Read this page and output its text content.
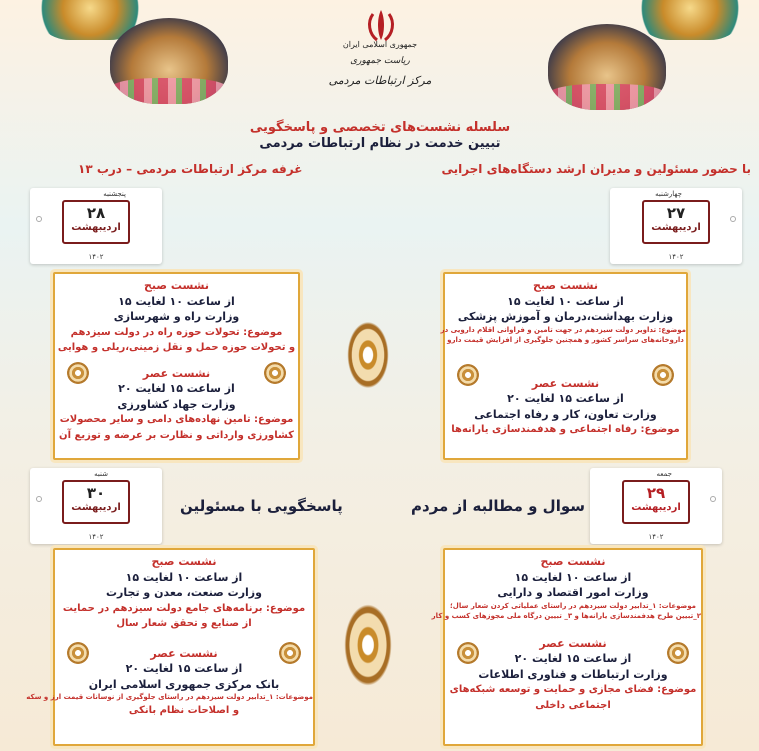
جمهوری اسلامی ایران
ریاست جمهوری
مرکز ارتباطات مردمی
سلسله نشست‌های تخصصی و پاسخگویی
تبیین خدمت در نظام ارتباطات مردمی
با حضور مسئولین و مدیران ارشد دستگاه‌های اجرایی
غرفه مرکز ارتباطات مردمی – درب ۱۳
چهارشنبه
۲۷
اردیبهشت
۱۴۰۲
نشست صبح
از ساعت ۱۰ لغایت ۱۵
وزارت بهداشت،درمان و آموزش پزشکی
موضوع: تداویر دولت سیزدهم در جهت تامین و فراوانی اقلام دارویی در
داروخانه‌های سراسر کشور و همچنین جلوگیری از افزایش قیمت دارو
نشست عصر
از ساعت ۱۵ لغایت ۲۰
وزارت تعاون، کار و رفاه اجتماعی
موضوع: رفاه اجتماعی و هدفمندسازی یارانه‌ها
پنجشنبه
۲۸
اردیبهشت
۱۴۰۲
نشست صبح
از ساعت ۱۰ لغایت ۱۵
وزارت راه و شهرسازی
موضوع: تحولات حوزه راه در دولت سیزدهم
و تحولات حوزه حمل و نقل زمینی،ریلی و هوایی
نشست عصر
از ساعت ۱۵ لغایت ۲۰
وزارت جهاد کشاورزی
موضوع: تامین نهاده‌های دامی و سایر محصولات
کشاورزی وارداتی و نظارت بر عرضه و توزیع آن
سوال و مطالبه از مردم
پاسخگویی با مسئولین
جمعه
۲۹
اردیبهشت
۱۴۰۲
نشست صبح
از ساعت ۱۰ لغایت ۱۵
وزارت امور اقتصاد و دارایی
موضوعات: ۱_تدابیر دولت سیزدهم در راستای عملیاتی کردن شعار سال؛
۲_تبیین طرح هدفمندسازی یارانه‌ها و ۳_ تبیین درگاه ملی مجوزهای کسب و کار
نشست عصر
از ساعت ۱۵ لغایت ۲۰
وزارت ارتباطات و فناوری اطلاعات
موضوع: فضای مجازی و حمایت و توسعه شبکه‌های
اجتماعی داخلی
شنبه
۳۰
اردیبهشت
۱۴۰۲
نشست صبح
از ساعت ۱۰ لغایت ۱۵
وزارت صنعت، معدن و تجارت
موضوع: برنامه‌های جامع دولت سیزدهم در حمایت
از صنایع و تحقق شعار سال
نشست عصر
از ساعت ۱۵ لغایت ۲۰
بانک مرکزی جمهوری اسلامی ایران
موضوعات: ۱_تدابیر دولت سیزدهم در راستای جلوگیری از نوسانات قیمت ارز و سکه
و اصلاحات نظام بانکی
